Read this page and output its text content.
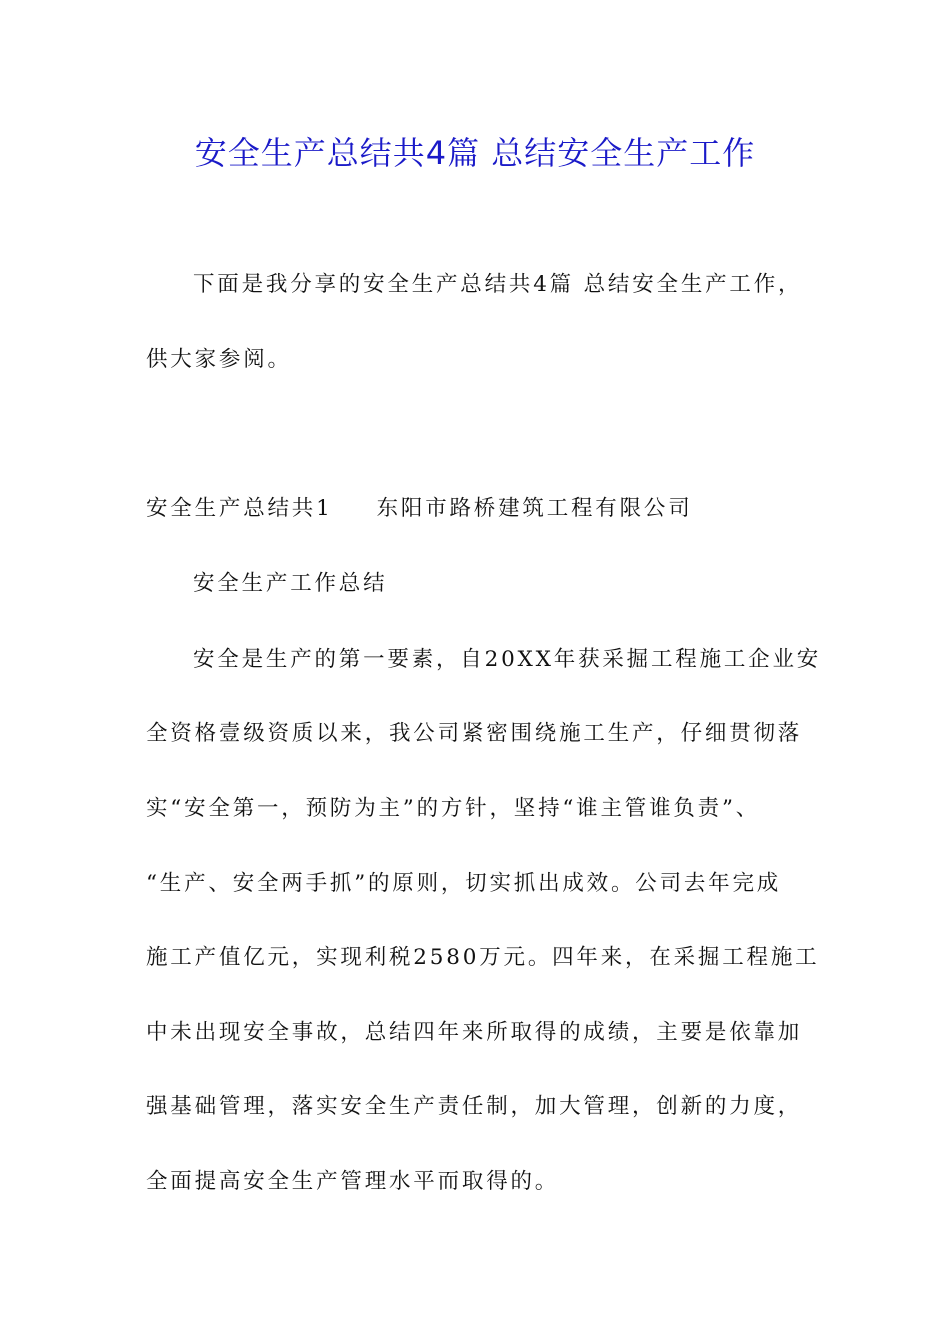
安全生产总结共4篇 总结安全生产工作

下面是我分享的安全生产总结共4篇 总结安全生产工作，

供大家参阅。

安全生产总结共1 东阳市路桥建筑工程有限公司

安全生产工作总结

安全是生产的第一要素，自20XX年获采掘工程施工企业安

全资格壹级资质以来，我公司紧密围绕施工生产，仔细贯彻落

实“安全第一，预防为主”的方针，坚持“谁主管谁负责”、

“生产、安全两手抓”的原则，切实抓出成效。公司去年完成

施工产值亿元，实现利税2580万元。四年来，在采掘工程施工

中未出现安全事故，总结四年来所取得的成绩，主要是依靠加

强基础管理，落实安全生产责任制，加大管理，创新的力度，

全面提高安全生产管理水平而取得的。
